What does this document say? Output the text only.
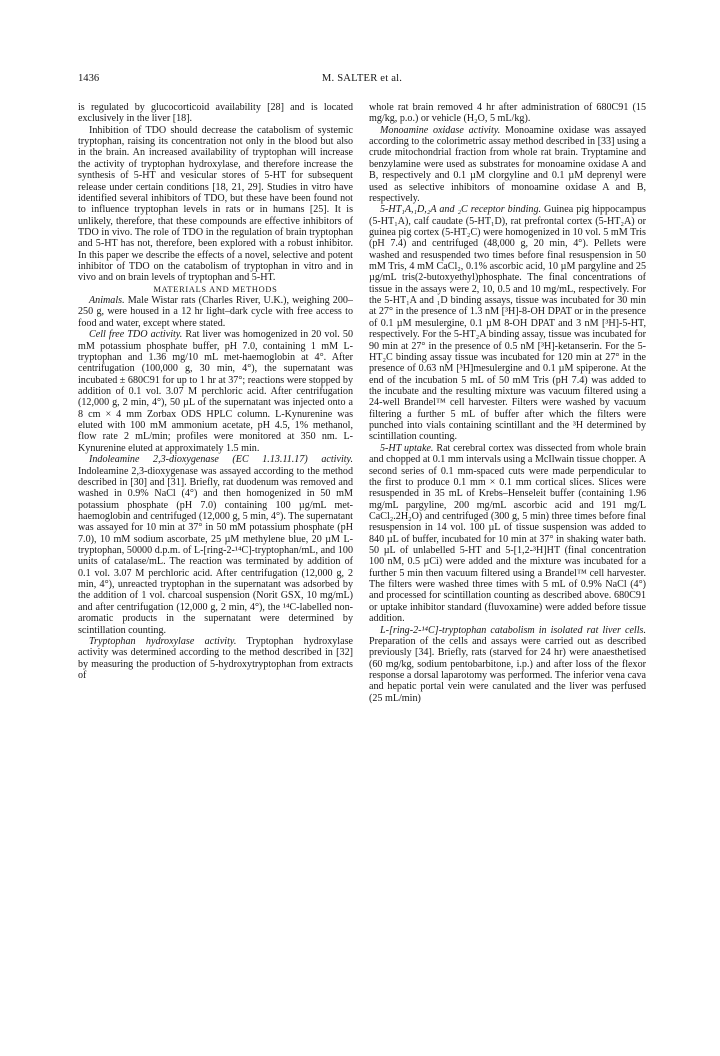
1436	M. SALTER et al.

is regulated by glucocorticoid availability [28] and is located exclusively in the liver [18].

Inhibition of TDO should decrease the catabolism of systemic tryptophan, raising its concentration not only in the blood but also in the brain. An increased availability of tryptophan will increase the activity of tryptophan hydroxylase, and therefore increase the synthesis of 5-HT and vesicular stores of 5-HT for subsequent release under certain conditions [18, 21, 29]. Studies in vitro have identified several inhibitors of TDO, but these have been found not to influence tryptophan levels in rats or in humans [25]. It is unlikely, therefore, that these compounds are effective inhibitors of TDO in vivo. The role of TDO in the regulation of brain tryptophan and 5-HT has not, therefore, been explored with a robust inhibitor. In this paper we describe the effects of a novel, selective and potent inhibitor of TDO on the catabolism of tryptophan in vitro and in vivo and on brain levels of tryptophan and 5-HT.

MATERIALS AND METHODS

Animals. Male Wistar rats (Charles River, U.K.), weighing 200–250 g, were housed in a 12 hr light–dark cycle with free access to food and water, except where stated.

Cell free TDO activity. Rat liver was homogenized in 20 vol. 50 mM potassium phosphate buffer, pH 7.0, containing 1 mM L-tryptophan and 1.36 mg/10 mL met-haemoglobin at 4°. After centrifugation (100,000 g, 30 min, 4°), the supernatant was incubated ± 680C91 for up to 1 hr at 37°; reactions were stopped by addition of 0.1 vol. 3.07 M perchloric acid. After centrifugation (12,000 g, 2 min, 4°), 50 µL of the supernatant was injected onto a 8 cm × 4 mm Zorbax ODS HPLC column. L-Kynurenine was eluted with 100 mM ammonium acetate, pH 4.5, 1% methanol, flow rate 2 mL/min; profiles were monitored at 350 nm. L-Kynurenine eluted at approximately 1.5 min.

Indoleamine 2,3-dioxygenase (EC 1.13.11.17) activity. Indoleamine 2,3-dioxygenase was assayed according to the method described in [30] and [31]. Briefly, rat duodenum was removed and washed in 0.9% NaCl (4°) and then homogenized in 50 mM potassium phosphate (pH 7.0) containing 100 µg/mL met-haemoglobin and centrifuged (12,000 g, 5 min, 4°). The supernatant was assayed for 10 min at 37° in 50 mM potassium phosphate (pH 7.0), 10 mM sodium ascorbate, 25 µM methylene blue, 20 µM L-tryptophan, 50000 d.p.m. of L-[ring-2-¹⁴C]-tryptophan/mL, and 100 units of catalase/mL. The reaction was terminated by addition of 0.1 vol. 3.07 M perchloric acid. After centrifugation (12,000 g, 2 min, 4°), unreacted tryptophan in the supernatant was adsorbed by the addition of 1 vol. charcoal suspension (Norit GSX, 10 mg/mL) and after centrifugation (12,000 g, 2 min, 4°), the ¹⁴C-labelled non-aromatic products in the supernatant were determined by scintillation counting.

Tryptophan hydroxylase activity. Tryptophan hydroxylase activity was determined according to the method described in [32] by measuring the production of 5-hydroxytryptophan from extracts of

whole rat brain removed 4 hr after administration of 680C91 (15 mg/kg, p.o.) or vehicle (H₂O, 5 mL/kg).

Monoamine oxidase activity. Monoamine oxidase was assayed according to the colorimetric assay method described in [33] using a crude mitochondrial fraction from whole rat brain. Tryptamine and benzylamine were used as substrates for monoamine oxidase A and B, respectively and 0.1 µM clorgyline and 0.1 µM deprenyl were used as selective inhibitors of monoamine oxidase A and B, respectively.

5-HT₁A,₁D,₂A and ₂C receptor binding. Guinea pig hippocampus (5-HT₁A), calf caudate (5-HT₁D), rat prefrontal cortex (5-HT₂A) or guinea pig cortex (5-HT₂C) were homogenized in 10 vol. 5 mM Tris (pH 7.4) and centrifuged (48,000 g, 20 min, 4°). Pellets were washed and resuspended two times before final resuspension in 50 mM Tris, 4 mM CaCl₂, 0.1% ascorbic acid, 10 µM pargyline and 25 µg/mL tris(2-butoxyethyl)phosphate. The final concentrations of tissue in the assays were 2, 10, 0.5 and 10 mg/mL, respectively. For the 5-HT₁A and ₁D binding assays, tissue was incubated for 30 min at 27° in the presence of 1.3 nM [³H]-8-OH DPAT or in the presence of 0.1 µM mesulergine, 0.1 µM 8-OH DPAT and 3 nM [³H]-5-HT, respectively. For the 5-HT₂A binding assay, tissue was incubated for 90 min at 27° in the presence of 0.5 nM [³H]-ketanserin. For the 5-HT₂C binding assay tissue was incubated for 120 min at 27° in the presence of 0.63 nM [³H]mesulergine and 0.1 µM spiperone. At the end of the incubation 5 mL of 50 mM Tris (pH 7.4) was added to the incubate and the resulting mixture was vacuum filtered using a 24-well Brandel™ cell harvester. Filters were washed by vacuum filtering a further 5 mL of buffer after which the filters were punched into vials containing scintillant and the ³H determined by scintillation counting.

5-HT uptake. Rat cerebral cortex was dissected from whole brain and chopped at 0.1 mm intervals using a McIlwain tissue chopper. A second series of 0.1 mm-spaced cuts were made perpendicular to the first to produce 0.1 mm × 0.1 mm cortical slices. Slices were resuspended in 35 mL of Krebs–Henseleit buffer (containing 1.96 mg/mL pargyline, 200 mg/mL ascorbic acid and 191 mg/L CaCl₂.2H₂O) and centrifuged (300 g, 5 min) three times before final resuspension in 14 vol. 100 µL of tissue suspension was added to 840 µL of buffer, incubated for 10 min at 37° in shaking water bath. 50 µL of unlabelled 5-HT and 5-[1,2-³H]HT (final concentration 100 nM, 0.5 µCi) were added and the mixture was incubated for a further 5 min then vacuum filtered using a Brandel™ cell harvester. The filters were washed three times with 5 mL of 0.9% NaCl (4°) and processed for scintillation counting as described above. 680C91 or uptake inhibitor standard (fluvoxamine) were added before tissue addition.

L-[ring-2-¹⁴C]-tryptophan catabolism in isolated rat liver cells. Preparation of the cells and assays were carried out as described previously [34]. Briefly, rats (starved for 24 hr) were anaesthetised (60 mg/kg, sodium pentobarbitone, i.p.) and after loss of the flexor response a dorsal laparotomy was performed. The inferior vena cava and hepatic portal vein were canulated and the liver was perfused (25 mL/min)
